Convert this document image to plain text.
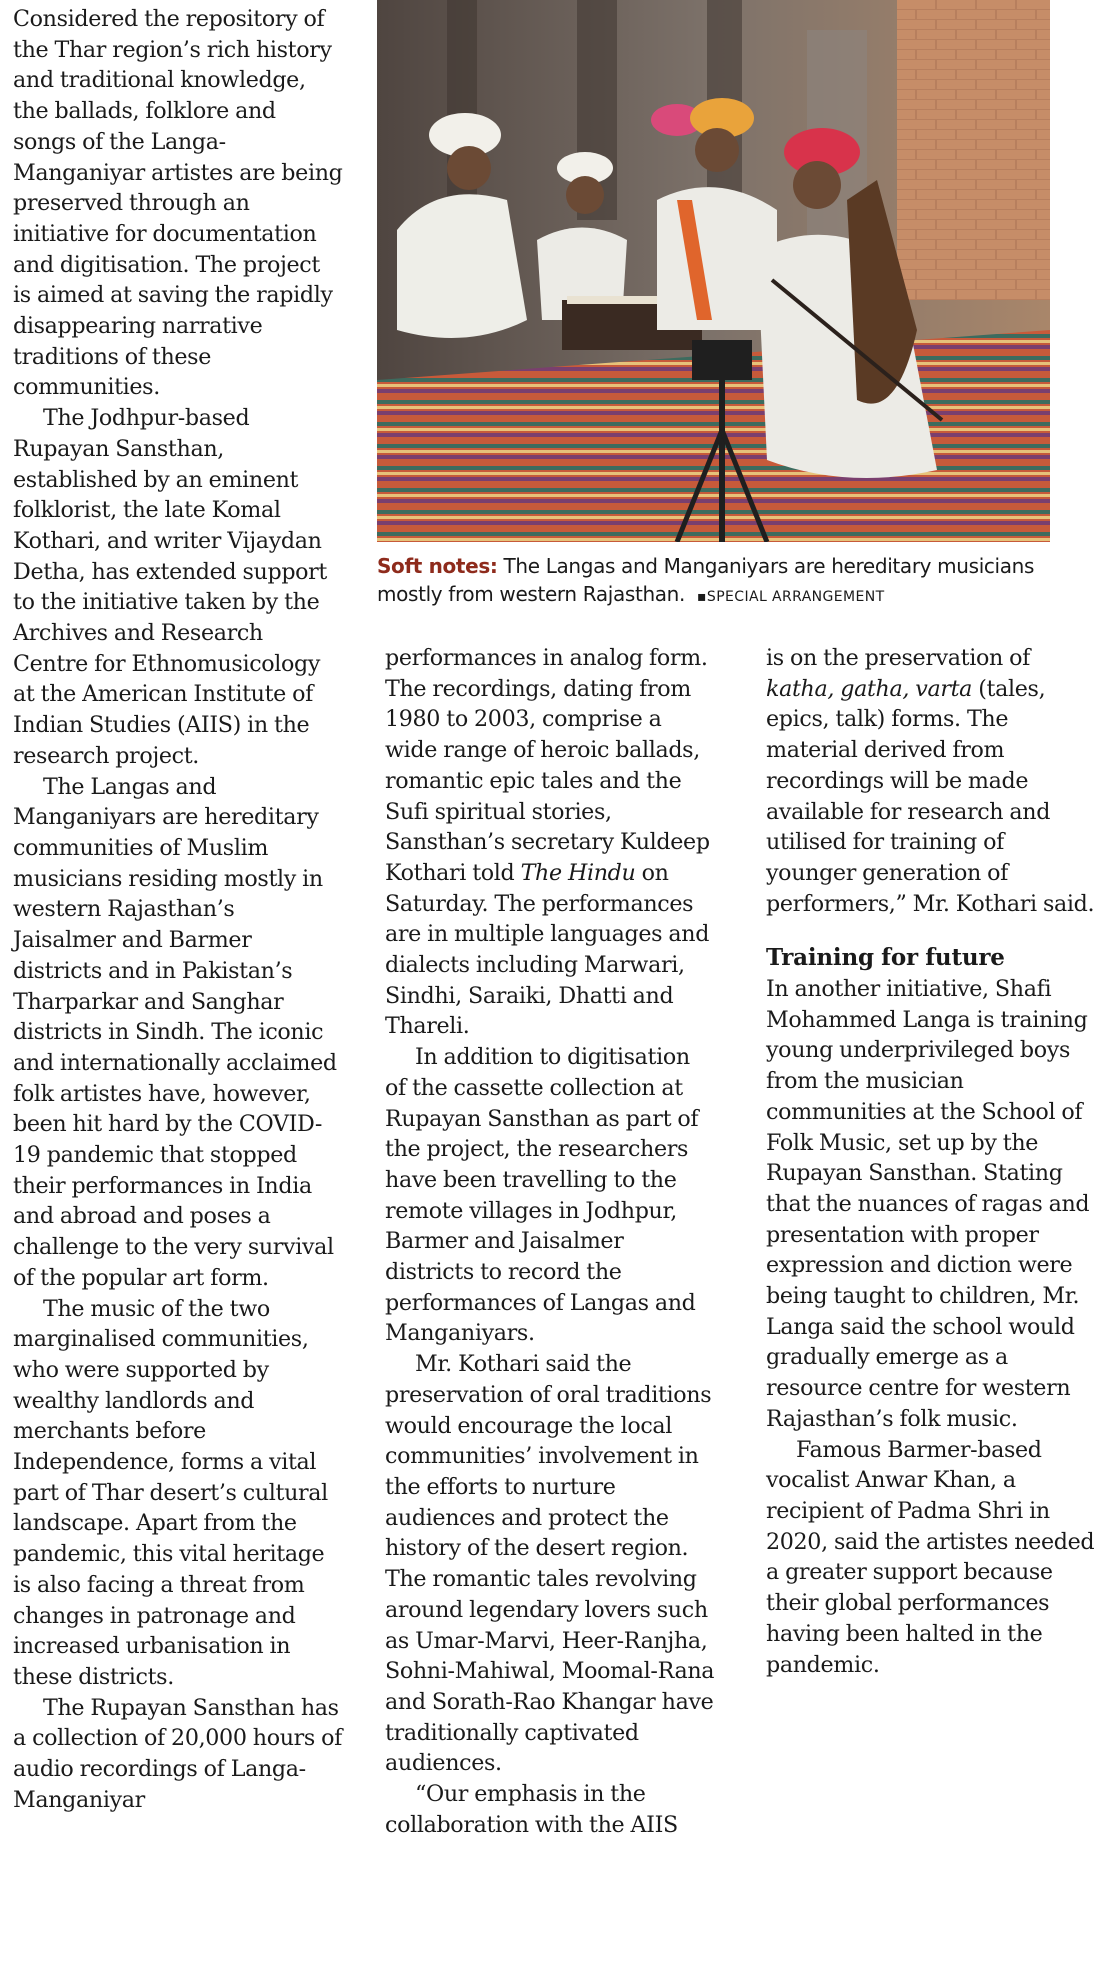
Considered the repository of the Thar region’s rich history and traditional knowledge, the ballads, folklore and songs of the Langa-Manganiyar artistes are being preserved through an initiative for documentation and digitisation. The project is aimed at saving the rapidly disappearing narrative traditions of these communities.

The Jodhpur-based Rupayan Sansthan, established by an eminent folklorist, the late Komal Kothari, and writer Vijaydan Detha, has extended support to the initiative taken by the Archives and Research Centre for Ethnomusicology at the American Institute of Indian Studies (AIIS) in the research project.

The Langas and Manganiyars are hereditary communities of Muslim musicians residing mostly in western Rajasthan’s Jaisalmer and Barmer districts and in Pakistan’s Tharparkar and Sanghar districts in Sindh. The iconic and internationally acclaimed folk artistes have, however, been hit hard by the COVID-19 pandemic that stopped their performances in India and abroad and poses a challenge to the very survival of the popular art form.

The music of the two marginalised communities, who were supported by wealthy landlords and merchants before Independence, forms a vital part of Thar desert’s cultural landscape. Apart from the pandemic, this vital heritage is also facing a threat from changes in patronage and increased urbanisation in these districts.

The Rupayan Sansthan has a collection of 20,000 hours of audio recordings of Langa-Manganiyar

Soft notes: The Langas and Manganiyars are hereditary musicians mostly from western Rajasthan. ▪SPECIAL ARRANGEMENT

performances in analog form. The recordings, dating from 1980 to 2003, comprise a wide range of heroic ballads, romantic epic tales and the Sufi spiritual stories, Sansthan’s secretary Kuldeep Kothari told The Hindu on Saturday. The performances are in multiple languages and dialects including Marwari, Sindhi, Saraiki, Dhatti and Thareli.

In addition to digitisation of the cassette collection at Rupayan Sansthan as part of the project, the researchers have been travelling to the remote villages in Jodhpur, Barmer and Jaisalmer districts to record the performances of Langas and Manganiyars.

Mr. Kothari said the preservation of oral traditions would encourage the local communities’ involvement in the efforts to nurture audiences and protect the history of the desert region. The romantic tales revolving around legendary lovers such as Umar-Marvi, Heer-Ranjha, Sohni-Mahiwal, Moomal-Rana and Sorath-Rao Khangar have traditionally captivated audiences.

“Our emphasis in the collaboration with the AIIS

is on the preservation of katha, gatha, varta (tales, epics, talk) forms. The material derived from recordings will be made available for research and utilised for training of younger generation of performers,” Mr. Kothari said.

Training for future

In another initiative, Shafi Mohammed Langa is training young underprivileged boys from the musician communities at the School of Folk Music, set up by the Rupayan Sansthan. Stating that the nuances of ragas and presentation with proper expression and diction were being taught to children, Mr. Langa said the school would gradually emerge as a resource centre for western Rajasthan’s folk music.

Famous Barmer-based vocalist Anwar Khan, a recipient of Padma Shri in 2020, said the artistes needed a greater support because their global performances having been halted in the pandemic.
